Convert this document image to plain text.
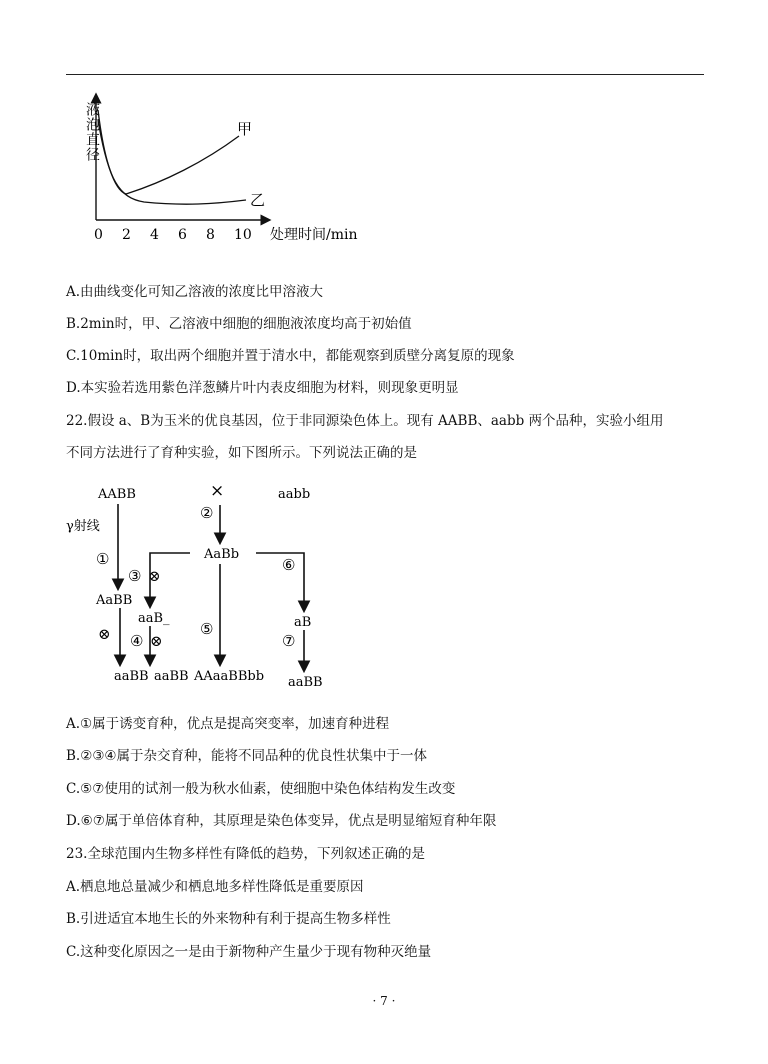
液泡直径	甲
乙
0 2 4 6 8 10 处理时间/min
A.由曲线变化可知乙溶液的浓度比甲溶液大
B.2min时，甲、乙溶液中细胞的细胞液浓度均高于初始值
C.10min时，取出两个细胞并置于清水中，都能观察到质壁分离复原的现象
D.本实验若选用紫色洋葱鳞片叶内表皮细胞为材料，则现象更明显
22.假设 a、B为玉米的优良基因，位于非同源染色体上。现有 AABB、aabb 两个品种，实验小组用
不同方法进行了育种实验，如下图所示。下列说法正确的是
AABB	×	aabb
γ射线
①
②
AaBb
③ ⊗
⑥
AaBB
aaB_
⑤	aB
⊗ ④ ⊗	⑦
aaBB aaBB AAaaBBbb aaBB
A.①属于诱变育种，优点是提高突变率，加速育种进程
B.②③④属于杂交育种，能将不同品种的优良性状集中于一体
C.⑤⑦使用的试剂一般为秋水仙素，使细胞中染色体结构发生改变
D.⑥⑦属于单倍体育种，其原理是染色体变异，优点是明显缩短育种年限
23.全球范围内生物多样性有降低的趋势，下列叙述正确的是
A.栖息地总量减少和栖息地多样性降低是重要原因
B.引进适宜本地生长的外来物种有利于提高生物多样性
C.这种变化原因之一是由于新物种产生量少于现有物种灭绝量
· 7 ·
